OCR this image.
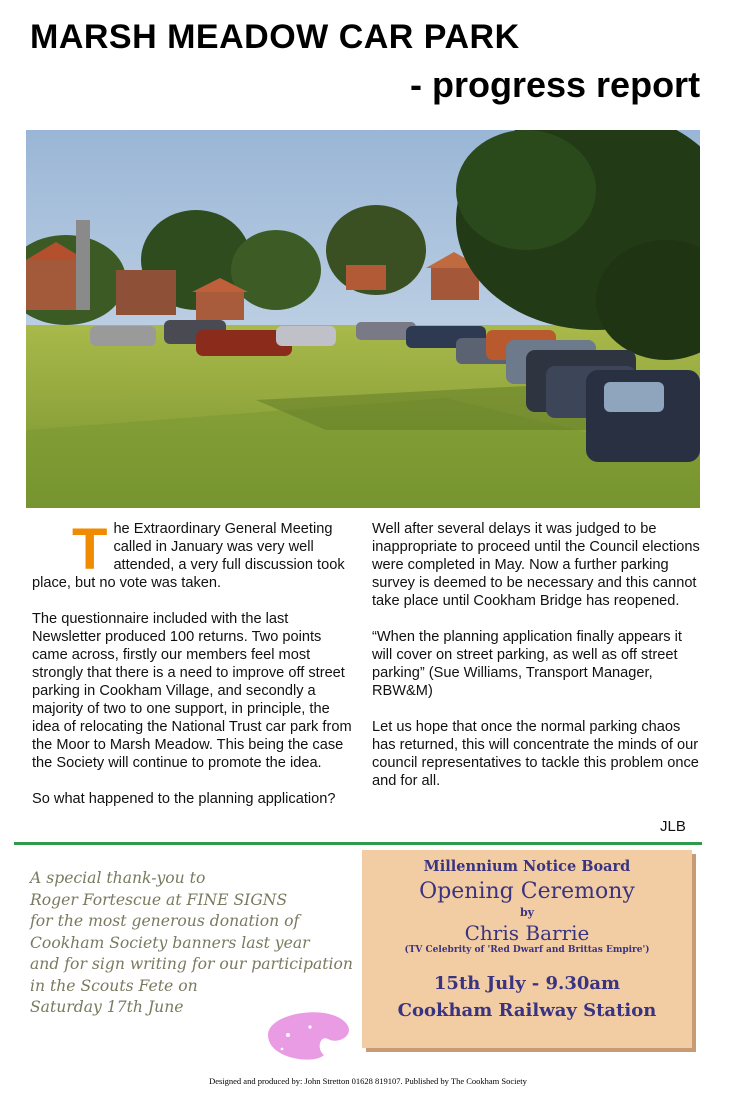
MARSH MEADOW CAR PARK
- progress report

T he Extraordinary General Meeting called in January was very well attended, a very full discussion took place, but no vote was taken.

The questionnaire included with the last Newsletter produced 100 returns. Two points came across, firstly our members feel most strongly that there is a need to improve off street parking in Cookham Village, and secondly a majority of two to one support, in principle, the idea of relocating the National Trust car park from the Moor to Marsh Meadow. This being the case the Society will continue to promote the idea.

So what happened to the planning application?

Well after several delays it was judged to be inappropriate to proceed until the Council elections were completed in May. Now a further parking survey is deemed to be necessary and this cannot take place until Cookham Bridge has reopened.

“When the planning application finally appears it will cover on street parking, as well as off street parking” (Sue Williams, Transport Manager, RBW&M)

Let us hope that once the normal parking chaos has returned, this will concentrate the minds of our council representatives to tackle this problem once and for all.

JLB
A special thank-you to
Roger Fortescue at FINE SIGNS
for the most generous donation of
Cookham Society banners last year
and for sign writing for our participation
in the Scouts Fete on
Saturday 17th June
Millennium Notice Board
Opening Ceremony
by
Chris Barrie
(TV Celebrity of 'Red Dwarf and Brittas Empire')
15th July - 9.30am
Cookham Railway Station
Designed and produced by: John Stretton 01628 819107. Published by The Cookham Society
